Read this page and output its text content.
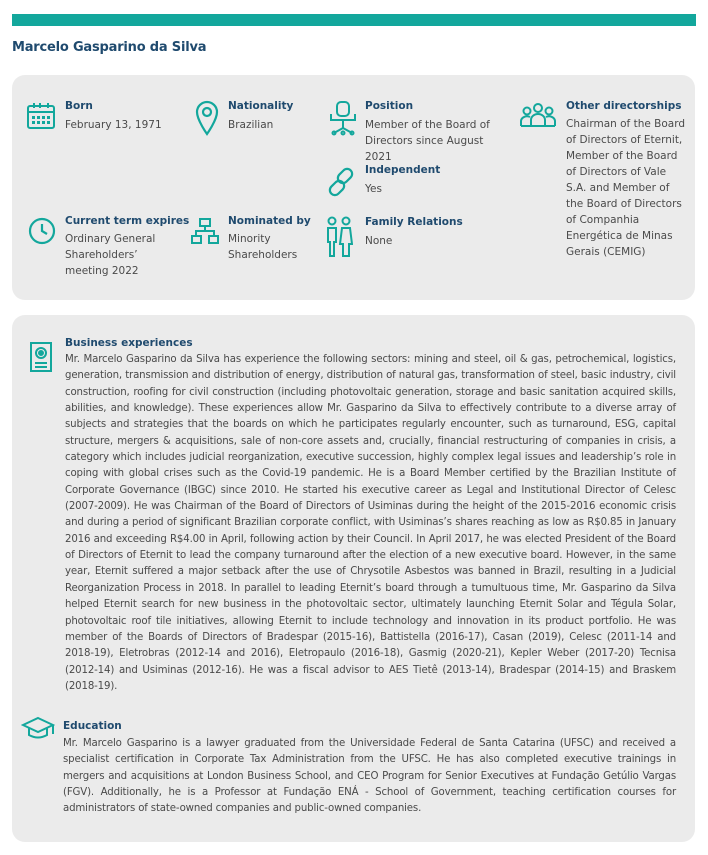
Marcelo Gasparino da Silva
Born
February 13, 1971
Nationality
Brazilian
Position
Member of the Board of Directors since August 2021
Other directorships
Chairman of the Board of Directors of Eternit, Member of the Board of Directors of Vale S.A. and Member of the Board of Directors of Companhia Energética de Minas Gerais (CEMIG)
Independent
Yes
Current term expires
Ordinary General Shareholders’ meeting 2022
Nominated by
Minority Shareholders
Family Relations
None
Business experiences
Mr. Marcelo Gasparino da Silva has experience the following sectors: mining and steel, oil & gas, petrochemical, logistics, generation, transmission and distribution of energy, distribution of natural gas, transformation of steel, basic industry, civil construction, roofing for civil construction (including photovoltaic generation, storage and basic sanitation acquired skills, abilities, and knowledge). These experiences allow Mr. Gasparino da Silva to effectively contribute to a diverse array of subjects and strategies that the boards on which he participates regularly encounter, such as turnaround, ESG, capital structure, mergers & acquisitions, sale of non-core assets and, crucially, financial restructuring of companies in crisis, a category which includes judicial reorganization, executive succession, highly complex legal issues and leadership’s role in coping with global crises such as the Covid-19 pandemic. He is a Board Member certified by the Brazilian Institute of Corporate Governance (IBGC) since 2010. He started his executive career as Legal and Institutional Director of Celesc (2007-2009). He was Chairman of the Board of Directors of Usiminas during the height of the 2015-2016 economic crisis and during a period of significant Brazilian corporate conflict, with Usiminas’s shares reaching as low as R$0.85 in January 2016 and exceeding R$4.00 in April, following action by their Council. In April 2017, he was elected President of the Board of Directors of Eternit to lead the company turnaround after the election of a new executive board. However, in the same year, Eternit suffered a major setback after the use of Chrysotile Asbestos was banned in Brazil, resulting in a Judicial Reorganization Process in 2018. In parallel to leading Eternit’s board through a tumultuous time, Mr. Gasparino da Silva helped Eternit search for new business in the photovoltaic sector, ultimately launching Eternit Solar and Tégula Solar, photovoltaic roof tile initiatives, allowing Eternit to include technology and innovation in its product portfolio. He was member of the Boards of Directors of Bradespar (2015-16), Battistella (2016-17), Casan (2019), Celesc (2011-14 and 2018-19), Eletrobras (2012-14 and 2016), Eletropaulo (2016-18), Gasmig (2020-21), Kepler Weber (2017-20) Tecnisa (2012-14) and Usiminas (2012-16). He was a fiscal advisor to AES Tietê (2013-14), Bradespar (2014-15) and Braskem (2018-19).
Education
Mr. Marcelo Gasparino is a lawyer graduated from the Universidade Federal de Santa Catarina (UFSC) and received a specialist certification in Corporate Tax Administration from the UFSC. He has also completed executive trainings in mergers and acquisitions at London Business School, and CEO Program for Senior Executives at Fundação Getúlio Vargas (FGV). Additionally, he is a Professor at Fundação ENÁ - School of Government, teaching certification courses for administrators of state-owned companies and public-owned companies.
